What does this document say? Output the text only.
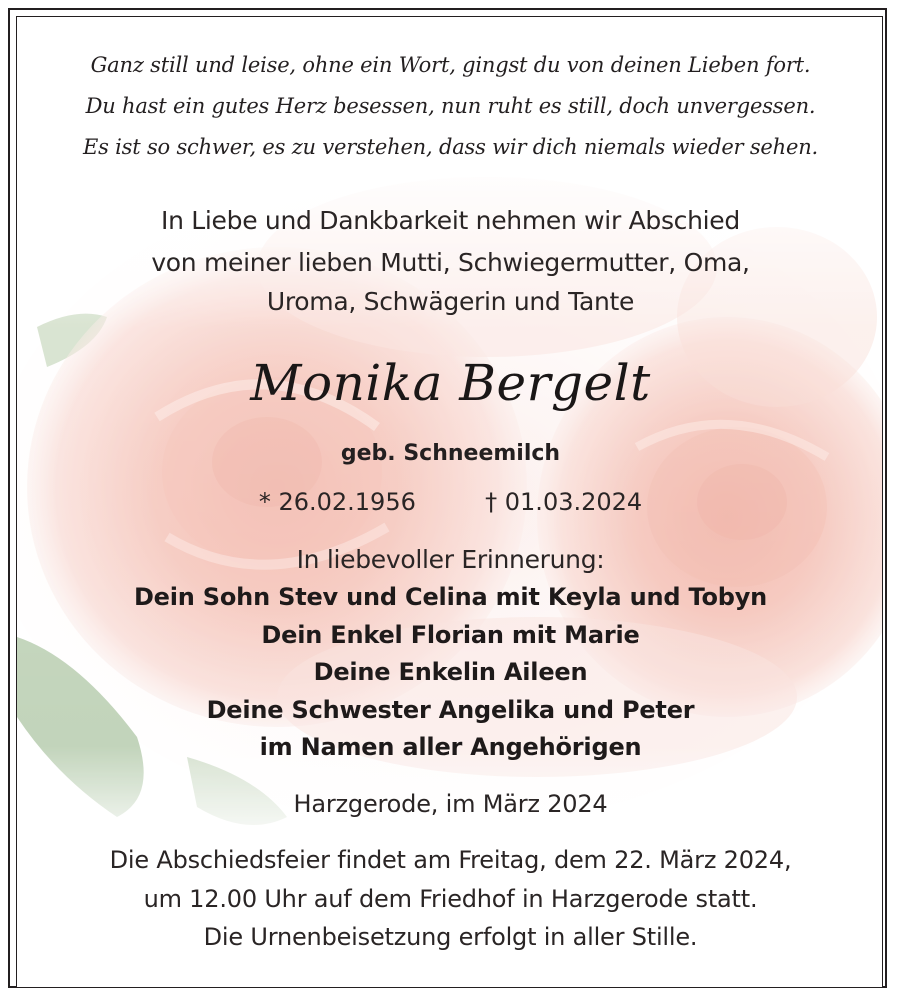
Ganz still und leise, ohne ein Wort, gingst du von deinen Lieben fort.
Du hast ein gutes Herz besessen, nun ruht es still, doch unvergessen.
Es ist so schwer, es zu verstehen, dass wir dich niemals wieder sehen.
In Liebe und Dankbarkeit nehmen wir Abschied
von meiner lieben Mutti, Schwiegermutter, Oma,
Uroma, Schwägerin und Tante
Monika Bergelt
geb. Schneemilch
* 26.02.1956	† 01.03.2024
In liebevoller Erinnerung:
Dein Sohn Stev und Celina mit Keyla und Tobyn
Dein Enkel Florian mit Marie
Deine Enkelin Aileen
Deine Schwester Angelika und Peter
im Namen aller Angehörigen
Harzgerode, im März 2024
Die Abschiedsfeier findet am Freitag, dem 22. März 2024,
um 12.00 Uhr auf dem Friedhof in Harzgerode statt.
Die Urnenbeisetzung erfolgt in aller Stille.
